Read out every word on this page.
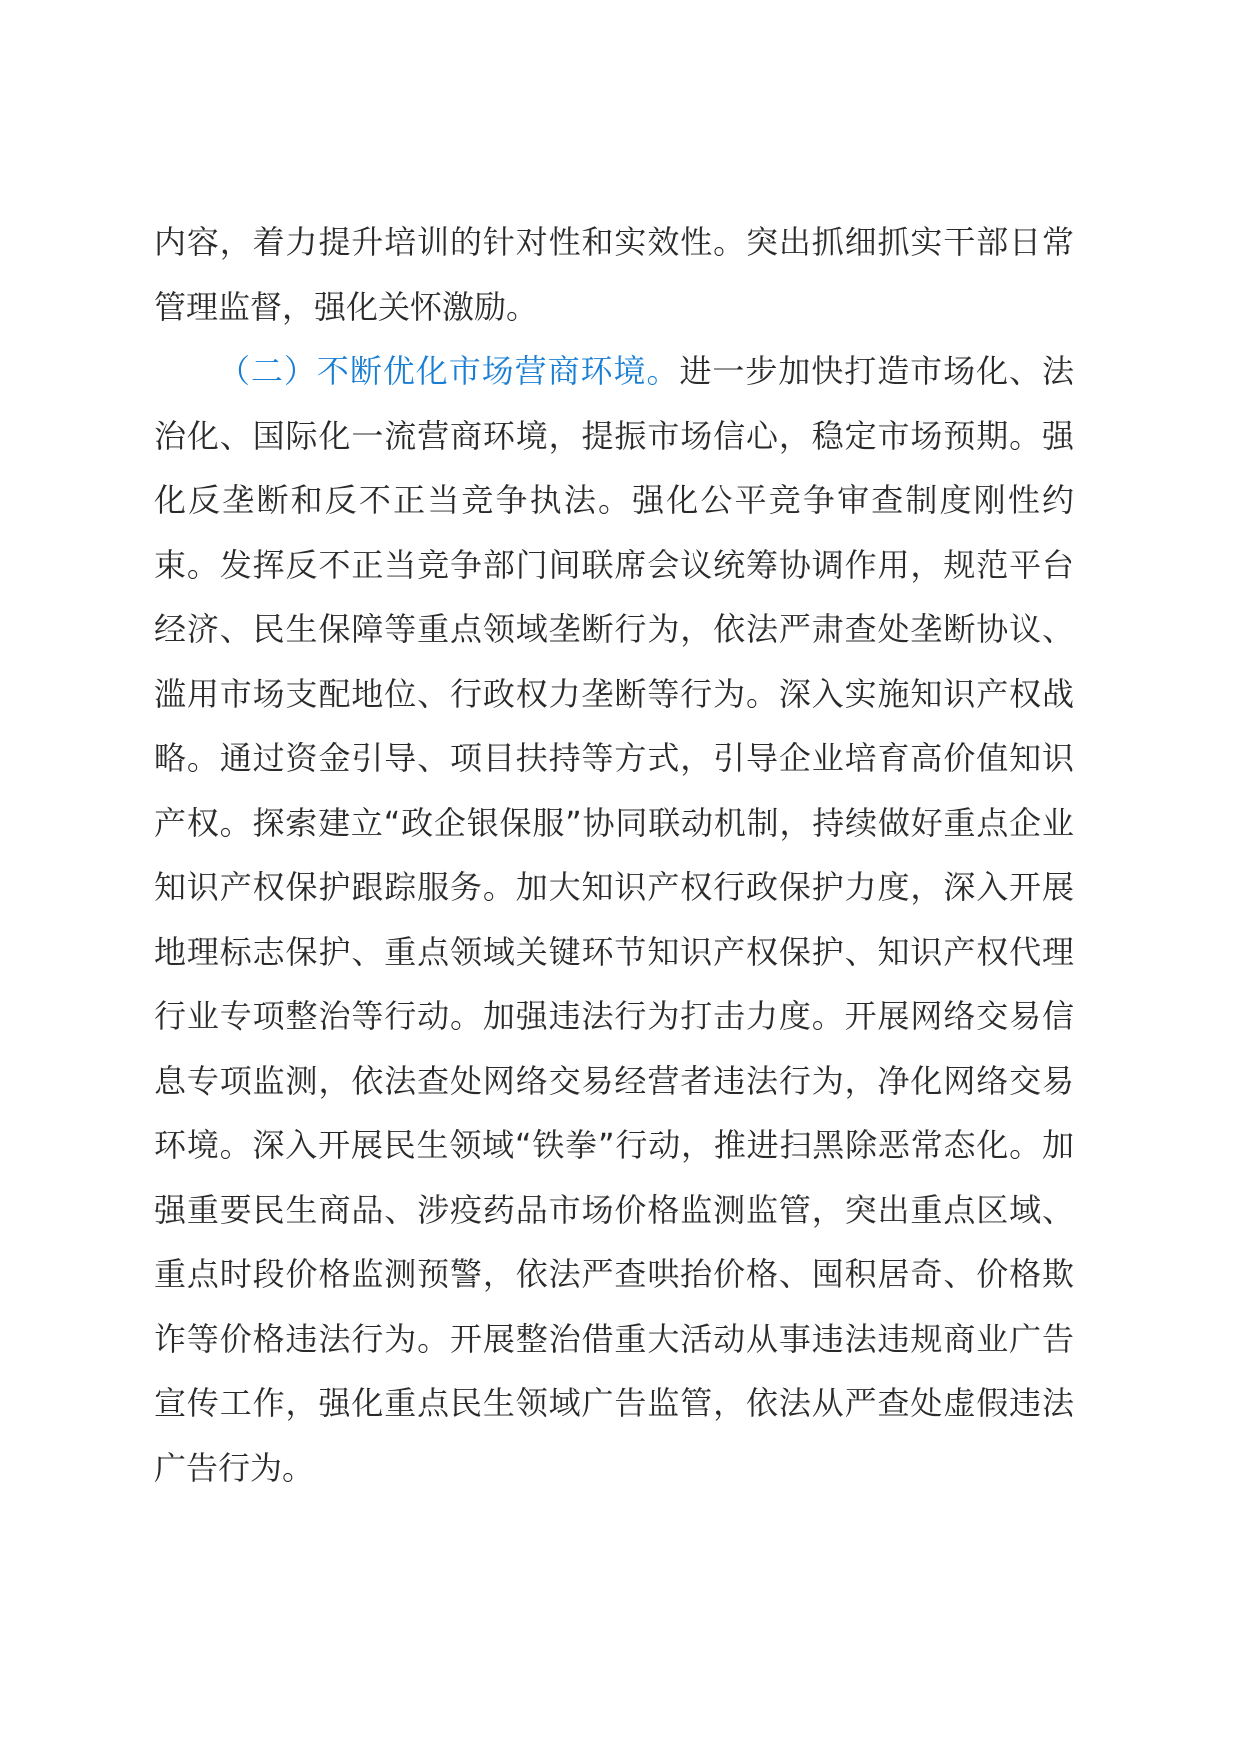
内容，着力提升培训的针对性和实效性。突出抓细抓实干部日常管理监督，强化关怀激励。

（二）不断优化市场营商环境。进一步加快打造市场化、法治化、国际化一流营商环境，提振市场信心，稳定市场预期。强化反垄断和反不正当竞争执法。强化公平竞争审查制度刚性约束。发挥反不正当竞争部门间联席会议统筹协调作用，规范平台经济、民生保障等重点领域垄断行为，依法严肃查处垄断协议、滥用市场支配地位、行政权力垄断等行为。深入实施知识产权战略。通过资金引导、项目扶持等方式，引导企业培育高价值知识产权。探索建立“政企银保服”协同联动机制，持续做好重点企业知识产权保护跟踪服务。加大知识产权行政保护力度，深入开展地理标志保护、重点领域关键环节知识产权保护、知识产权代理行业专项整治等行动。加强违法行为打击力度。开展网络交易信息专项监测，依法查处网络交易经营者违法行为，净化网络交易环境。深入开展民生领域“铁拳”行动，推进扫黑除恶常态化。加强重要民生商品、涉疫药品市场价格监测监管，突出重点区域、重点时段价格监测预警，依法严查哄抬价格、囤积居奇、价格欺诈等价格违法行为。开展整治借重大活动从事违法违规商业广告宣传工作，强化重点民生领域广告监管，依法从严查处虚假违法广告行为。
